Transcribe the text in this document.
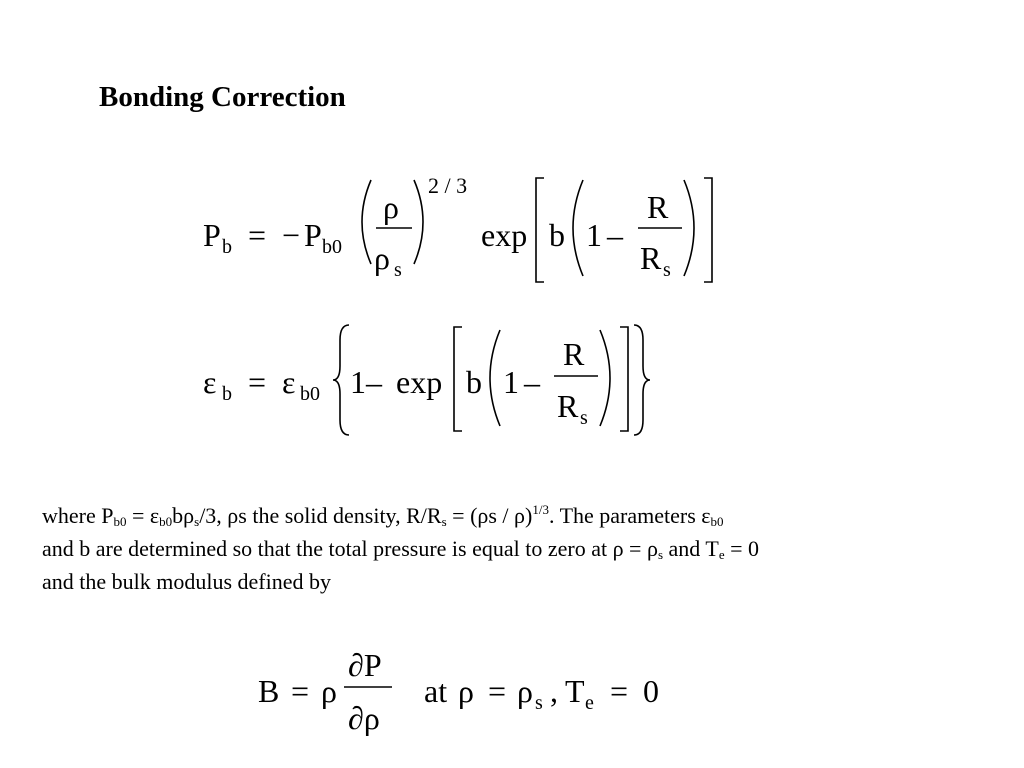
Bonding Correction
P b = − P b0
ρ
ρ s
2 / 3
exp b 1 –
R
R s
ε b = ε b0 1– exp b 1 –
R
R s

where $P_{b0} = \varepsilon_{b0}b\rho_s/3$, ρs the solid density, $R/R_s = (\rho s / \rho)^{1/3}$. The parameters $\varepsilon_{b0}$
and b are determined so that the total pressure is equal to zero at $\rho = \rho_s$ and $T_e = 0$
and the bulk modulus defined by

B = ρ
∂P
∂ρ
at ρ = ρ s , T e = 0
